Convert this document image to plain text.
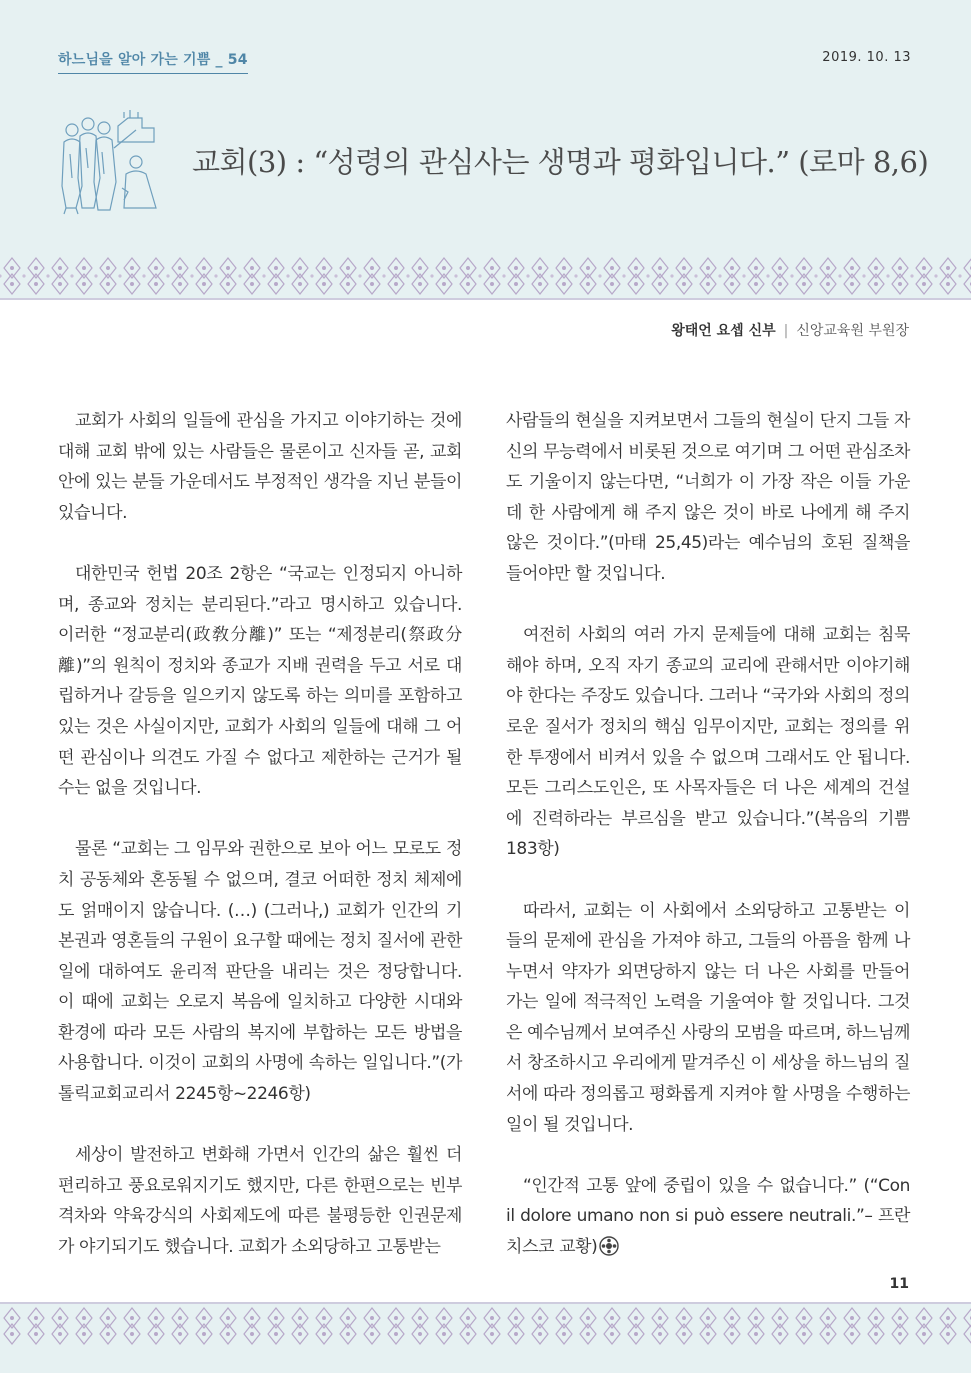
하느님을 알아 가는 기쁨 _ 54	2019. 10. 13
교회(3) : “성령의 관심사는 생명과 평화입니다.” (로마 8,6)
왕태언 요셉 신부 | 신앙교육원 부원장

교회가 사회의 일들에 관심을 가지고 이야기하는 것에 대해 교회 밖에 있는 사람들은 물론이고 신자들 곧, 교회 안에 있는 분들 가운데서도 부정적인 생각을 지닌 분들이 있습니다.

대한민국 헌법 20조 2항은 “국교는 인정되지 아니하며, 종교와 정치는 분리된다.”라고 명시하고 있습니다. 이러한 “정교분리(政敎分離)” 또는 “제정분리(祭政分離)”의 원칙이 정치와 종교가 지배 권력을 두고 서로 대립하거나 갈등을 일으키지 않도록 하는 의미를 포함하고 있는 것은 사실이지만, 교회가 사회의 일들에 대해 그 어떤 관심이나 의견도 가질 수 없다고 제한하는 근거가 될 수는 없을 것입니다.

물론 “교회는 그 임무와 권한으로 보아 어느 모로도 정치 공동체와 혼동될 수 없으며, 결코 어떠한 정치 체제에도 얽매이지 않습니다. (…) (그러나,) 교회가 인간의 기본권과 영혼들의 구원이 요구할 때에는 정치 질서에 관한 일에 대하여도 윤리적 판단을 내리는 것은 정당합니다. 이 때에 교회는 오로지 복음에 일치하고 다양한 시대와 환경에 따라 모든 사람의 복지에 부합하는 모든 방법을 사용합니다. 이것이 교회의 사명에 속하는 일입니다.”(가톨릭교회교리서 2245항~2246항)

세상이 발전하고 변화해 가면서 인간의 삶은 훨씬 더 편리하고 풍요로워지기도 했지만, 다른 한편으로는 빈부격차와 약육강식의 사회제도에 따른 불평등한 인권문제가 야기되기도 했습니다. 교회가 소외당하고 고통받는

사람들의 현실을 지켜보면서 그들의 현실이 단지 그들 자신의 무능력에서 비롯된 것으로 여기며 그 어떤 관심조차도 기울이지 않는다면, “너희가 이 가장 작은 이들 가운데 한 사람에게 해 주지 않은 것이 바로 나에게 해 주지 않은 것이다.”(마태 25,45)라는 예수님의 호된 질책을 들어야만 할 것입니다.

여전히 사회의 여러 가지 문제들에 대해 교회는 침묵해야 하며, 오직 자기 종교의 교리에 관해서만 이야기해야 한다는 주장도 있습니다. 그러나 “국가와 사회의 정의로운 질서가 정치의 핵심 임무이지만, 교회는 정의를 위한 투쟁에서 비켜서 있을 수 없으며 그래서도 안 됩니다. 모든 그리스도인은, 또 사목자들은 더 나은 세계의 건설에 진력하라는 부르심을 받고 있습니다.”(복음의 기쁨 183항)

따라서, 교회는 이 사회에서 소외당하고 고통받는 이들의 문제에 관심을 가져야 하고, 그들의 아픔을 함께 나누면서 약자가 외면당하지 않는 더 나은 사회를 만들어 가는 일에 적극적인 노력을 기울여야 할 것입니다. 그것은 예수님께서 보여주신 사랑의 모범을 따르며, 하느님께서 창조하시고 우리에게 맡겨주신 이 세상을 하느님의 질서에 따라 정의롭고 평화롭게 지켜야 할 사명을 수행하는 일이 될 것입니다.

“인간적 고통 앞에 중립이 있을 수 없습니다.” (“Con il dolore umano non si può essere neutrali.”– 프란치스코 교황)

11
